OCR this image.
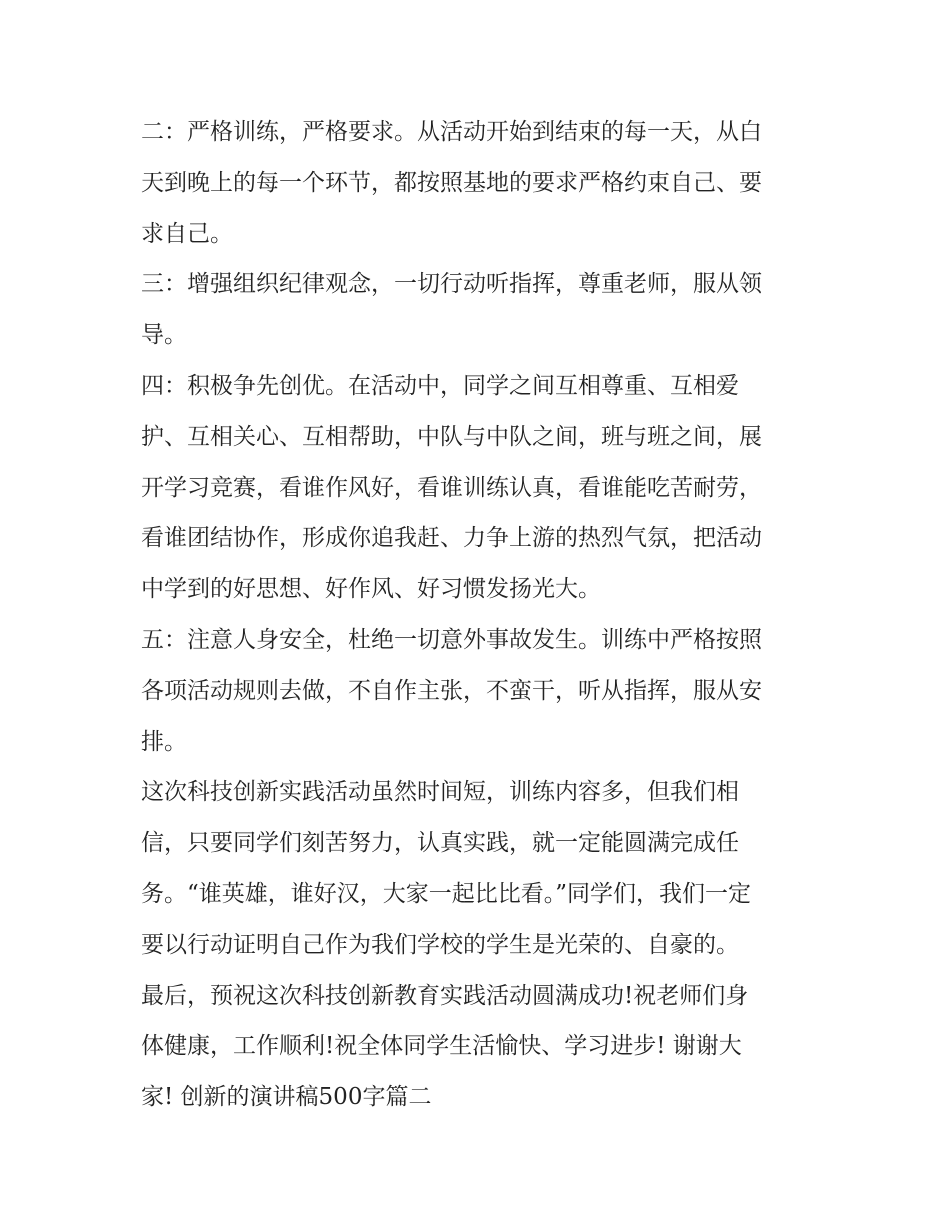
二：严格训练，严格要求。从活动开始到结束的每一天，从白
天到晚上的每一个环节，都按照基地的要求严格约束自己、要
求自己。
三：增强组织纪律观念，一切行动听指挥，尊重老师，服从领
导。
四：积极争先创优。在活动中，同学之间互相尊重、互相爱
护、互相关心、互相帮助，中队与中队之间，班与班之间，展
开学习竞赛，看谁作风好，看谁训练认真，看谁能吃苦耐劳，
看谁团结协作，形成你追我赶、力争上游的热烈气氛，把活动
中学到的好思想、好作风、好习惯发扬光大。
五：注意人身安全，杜绝一切意外事故发生。训练中严格按照
各项活动规则去做，不自作主张，不蛮干，听从指挥，服从安
排。
这次科技创新实践活动虽然时间短，训练内容多，但我们相
信，只要同学们刻苦努力，认真实践，就一定能圆满完成任
务。“谁英雄，谁好汉，大家一起比比看。”同学们，我们一定
要以行动证明自己作为我们学校的学生是光荣的、自豪的。
最后，预祝这次科技创新教育实践活动圆满成功!祝老师们身
体健康，工作顺利!祝全体同学生活愉快、学习进步! 谢谢大
家! 创新的演讲稿500字篇二
